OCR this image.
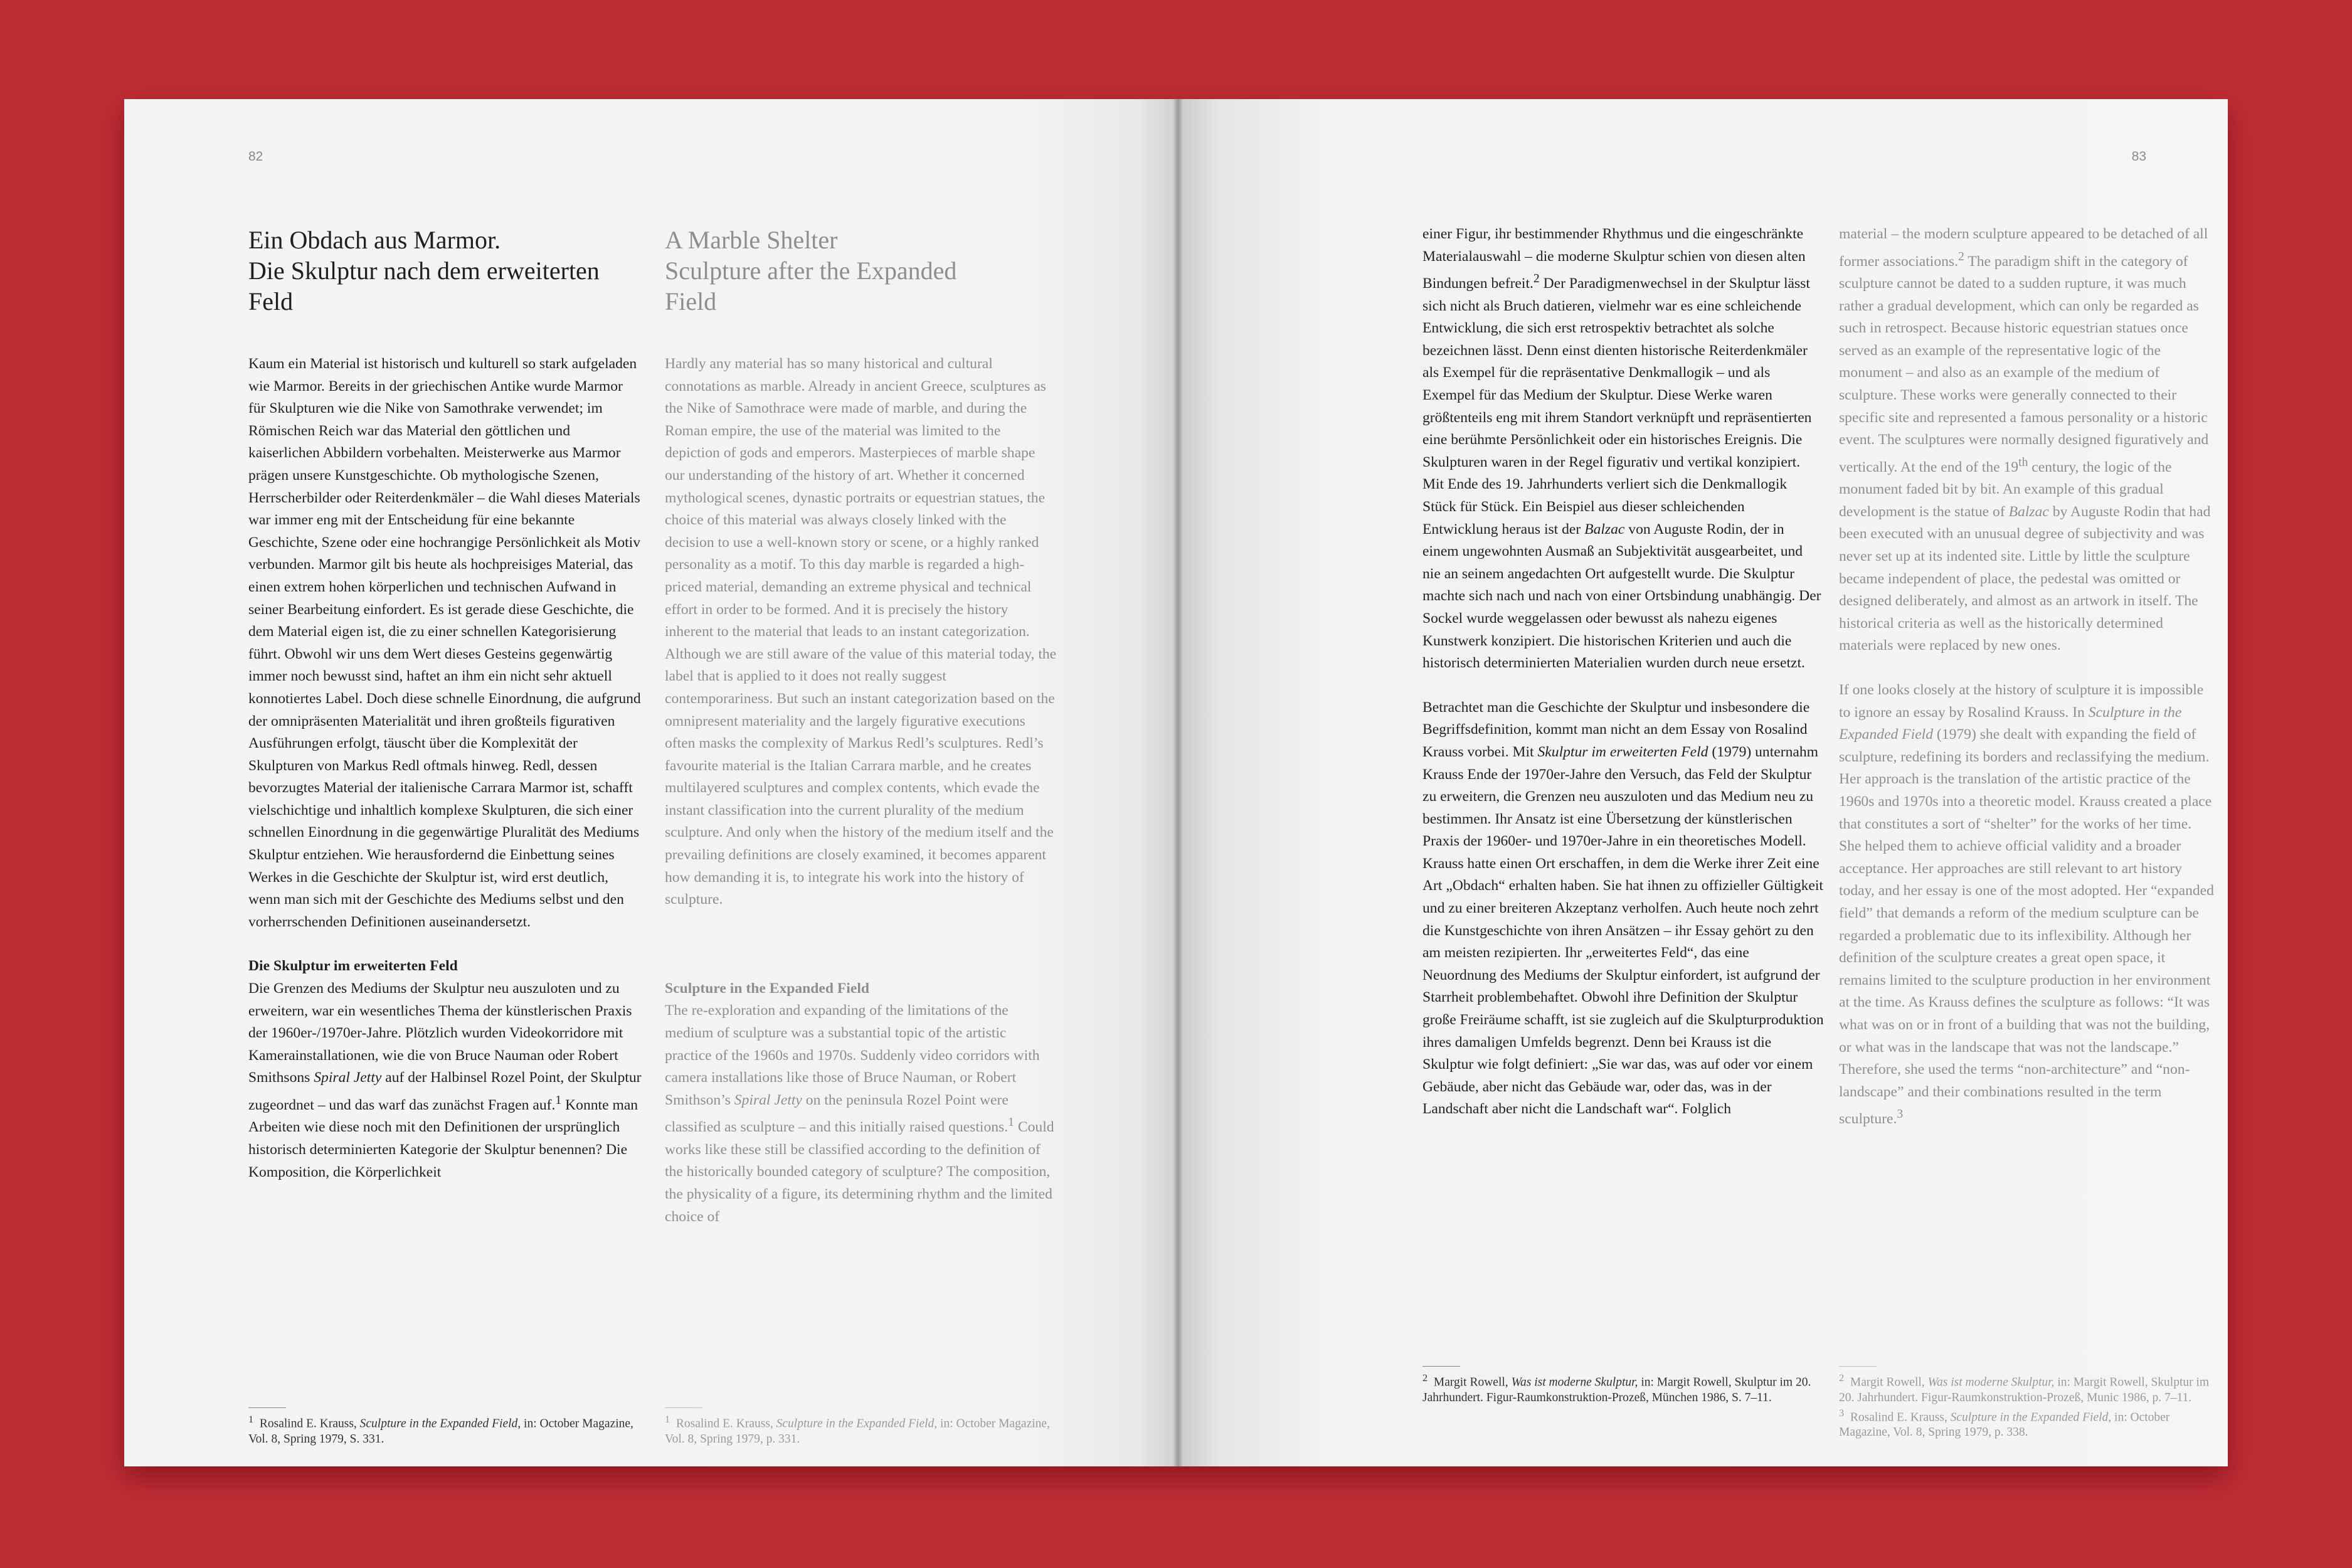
82
Ein Obdach aus Marmor.
Die Skulptur nach dem erweiterten
Feld

Kaum ein Material ist historisch und kulturell so stark aufgeladen wie Marmor. Bereits in der griechischen Antike wurde Marmor für Skulpturen wie die Nike von Samothrake verwendet; im Römischen Reich war das Material den göttlichen und kaiserlichen Abbildern vorbehalten. Meisterwerke aus Marmor prägen unsere Kunstgeschichte. Ob mythologische Szenen, Herrscherbilder oder Reiterdenkmäler – die Wahl dieses Materials war immer eng mit der Entscheidung für eine bekannte Geschichte, Szene oder eine hochrangige Persönlichkeit als Motiv verbunden. Marmor gilt bis heute als hochpreisiges Material, das einen extrem hohen körperlichen und technischen Aufwand in seiner Bearbeitung einfordert. Es ist gerade diese Geschichte, die dem Material eigen ist, die zu einer schnellen Kategorisierung führt. Obwohl wir uns dem Wert dieses Gesteins gegenwärtig immer noch bewusst sind, haftet an ihm ein nicht sehr aktuell konnotiertes Label. Doch diese schnelle Einordnung, die aufgrund der omnipräsenten Materialität und ihren großteils figurativen Ausführungen erfolgt, täuscht über die Komplexität der Skulpturen von Markus Redl oftmals hinweg. Redl, dessen bevorzugtes Material der italienische Carrara Marmor ist, schafft vielschichtige und inhaltlich komplexe Skulpturen, die sich einer schnellen Einordnung in die gegenwärtige Pluralität des Mediums Skulptur entziehen. Wie herausfordernd die Einbettung seines Werkes in die Geschichte der Skulptur ist, wird erst deutlich, wenn man sich mit der Geschichte des Mediums selbst und den vorherrschenden Definitionen auseinandersetzt.

Die Skulptur im erweiterten Feld

Die Grenzen des Mediums der Skulptur neu auszuloten und zu erweitern, war ein wesentliches Thema der künstlerischen Praxis der 1960er-/1970er-Jahre. Plötzlich wurden Videokorridore mit Kamerainstallationen, wie die von Bruce Nauman oder Robert Smithsons Spiral Jetty auf der Halbinsel Rozel Point, der Skulptur zugeordnet – und das warf das zunächst Fragen auf.$^1$ Konnte man Arbeiten wie diese noch mit den Definitionen der ursprünglich historisch determinierten Kategorie der Skulptur benennen? Die Komposition, die Körperlichkeit

$^1$ Rosalind E. Krauss, Sculpture in the Expanded Field, in: October Magazine, Vol. 8, Spring 1979, S. 331.

A Marble Shelter
Sculpture after the Expanded
Field

Hardly any material has so many historical and cultural connotations as marble. Already in ancient Greece, sculptures as the Nike of Samothrace were made of marble, and during the Roman empire, the use of the material was limited to the depiction of gods and emperors. Masterpieces of marble shape our understanding of the history of art. Whether it concerned mythological scenes, dynastic portraits or equestrian statues, the choice of this material was always closely linked with the decision to use a well-known story or scene, or a highly ranked personality as a motif. To this day marble is regarded a high-priced material, demanding an extreme physical and technical effort in order to be formed. And it is precisely the history inherent to the material that leads to an instant categorization. Although we are still aware of the value of this material today, the label that is applied to it does not really suggest contemporariness. But such an instant categorization based on the omnipresent materiality and the largely figurative executions often masks the complexity of Markus Redl’s sculptures. Redl’s favourite material is the Italian Carrara marble, and he creates multilayered sculptures and complex contents, which evade the instant classification into the current plurality of the medium sculpture. And only when the history of the medium itself and the prevailing definitions are closely examined, it becomes apparent how demanding it is, to integrate his work into the history of sculpture.

Sculpture in the Expanded Field

The re-exploration and expanding of the limitations of the medium of sculpture was a substantial topic of the artistic practice of the 1960s and 1970s. Suddenly video corridors with camera installations like those of Bruce Nauman, or Robert Smithson’s Spiral Jetty on the peninsula Rozel Point were classified as sculpture – and this initially raised questions.$^1$ Could works like these still be classified according to the definition of the historically bounded category of sculpture? The composition, the physicality of a figure, its determining rhythm and the limited choice of

$^1$ Rosalind E. Krauss, Sculpture in the Expanded Field, in: October Magazine, Vol. 8, Spring 1979, p. 331.

83

einer Figur, ihr bestimmender Rhythmus und die eingeschränkte Materialauswahl – die moderne Skulptur schien von diesen alten Bindungen befreit.$^2$ Der Paradigmenwechsel in der Skulptur lässt sich nicht als Bruch datieren, vielmehr war es eine schleichende Entwicklung, die sich erst retrospektiv betrachtet als solche bezeichnen lässt. Denn einst dienten historische Reiterdenkmäler als Exempel für die repräsentative Denkmallogik – und als Exempel für das Medium der Skulptur. Diese Werke waren größtenteils eng mit ihrem Standort verknüpft und repräsentierten eine berühmte Persönlichkeit oder ein historisches Ereignis. Die Skulpturen waren in der Regel figurativ und vertikal konzipiert. Mit Ende des 19. Jahrhunderts verliert sich die Denkmallogik Stück für Stück. Ein Beispiel aus dieser schleichenden Entwicklung heraus ist der Balzac von Auguste Rodin, der in einem ungewohnten Ausmaß an Subjektivität ausgearbeitet, und nie an seinem angedachten Ort aufgestellt wurde. Die Skulptur machte sich nach und nach von einer Ortsbindung unabhängig. Der Sockel wurde weggelassen oder bewusst als nahezu eigenes Kunstwerk konzipiert. Die historischen Kriterien und auch die historisch determinierten Materialien wurden durch neue ersetzt.

Betrachtet man die Geschichte der Skulptur und insbesondere die Begriffsdefinition, kommt man nicht an dem Essay von Rosalind Krauss vorbei. Mit Skulptur im erweiterten Feld (1979) unternahm Krauss Ende der 1970er-Jahre den Versuch, das Feld der Skulptur zu erweitern, die Grenzen neu auszuloten und das Medium neu zu bestimmen. Ihr Ansatz ist eine Übersetzung der künstlerischen Praxis der 1960er- und 1970er-Jahre in ein theoretisches Modell. Krauss hatte einen Ort erschaffen, in dem die Werke ihrer Zeit eine Art „Obdach“ erhalten haben. Sie hat ihnen zu offizieller Gültigkeit und zu einer breiteren Akzeptanz verholfen. Auch heute noch zehrt die Kunstgeschichte von ihren Ansätzen – ihr Essay gehört zu den am meisten rezipierten. Ihr „erweitertes Feld“, das eine Neuordnung des Mediums der Skulptur einfordert, ist aufgrund der Starrheit problembehaftet. Obwohl ihre Definition der Skulptur große Freiräume schafft, ist sie zugleich auf die Skulpturproduktion ihres damaligen Umfelds begrenzt. Denn bei Krauss ist die Skulptur wie folgt definiert: „Sie war das, was auf oder vor einem Gebäude, aber nicht das Gebäude war, oder das, was in der Landschaft aber nicht die Landschaft war“. Folglich

$^2$ Margit Rowell, Was ist moderne Skulptur, in: Margit Rowell, Skulptur im 20. Jahrhundert. Figur-Raumkonstruktion-Prozeß, München 1986, S. 7–11.

material – the modern sculpture appeared to be detached of all former associations.$^2$ The paradigm shift in the category of sculpture cannot be dated to a sudden rupture, it was much rather a gradual development, which can only be regarded as such in retrospect. Because historic equestrian statues once served as an example of the representative logic of the monument – and also as an example of the medium of sculpture. These works were generally connected to their specific site and represented a famous personality or a historic event. The sculptures were normally designed figuratively and vertically. At the end of the 19th century, the logic of the monument faded bit by bit. An example of this gradual development is the statue of Balzac by Auguste Rodin that had been executed with an unusual degree of subjectivity and was never set up at its indented site. Little by little the sculpture became independent of place, the pedestal was omitted or designed deliberately, and almost as an artwork in itself. The historical criteria as well as the historically determined materials were replaced by new ones.

If one looks closely at the history of sculpture it is impossible to ignore an essay by Rosalind Krauss. In Sculpture in the Expanded Field (1979) she dealt with expanding the field of sculpture, redefining its borders and reclassifying the medium. Her approach is the translation of the artistic practice of the 1960s and 1970s into a theoretic model. Krauss created a place that constitutes a sort of “shelter” for the works of her time. She helped them to achieve official validity and a broader acceptance. Her approaches are still relevant to art history today, and her essay is one of the most adopted. Her “expanded field” that demands a reform of the medium sculpture can be regarded a problematic due to its inflexibility. Although her definition of the sculpture creates a great open space, it remains limited to the sculpture production in her environment at the time. As Krauss defines the sculpture as follows: “It was what was on or in front of a building that was not the building, or what was in the landscape that was not the landscape.” Therefore, she used the terms “non-architecture” and “non-landscape” and their combinations resulted in the term sculpture.$^3$

$^2$ Margit Rowell, Was ist moderne Skulptur, in: Margit Rowell, Skulptur im 20. Jahrhundert. Figur-Raumkonstruktion-Prozeß, Munic 1986, p. 7–11.

$^3$ Rosalind E. Krauss, Sculpture in the Expanded Field, in: October Magazine, Vol. 8, Spring 1979, p. 338.
